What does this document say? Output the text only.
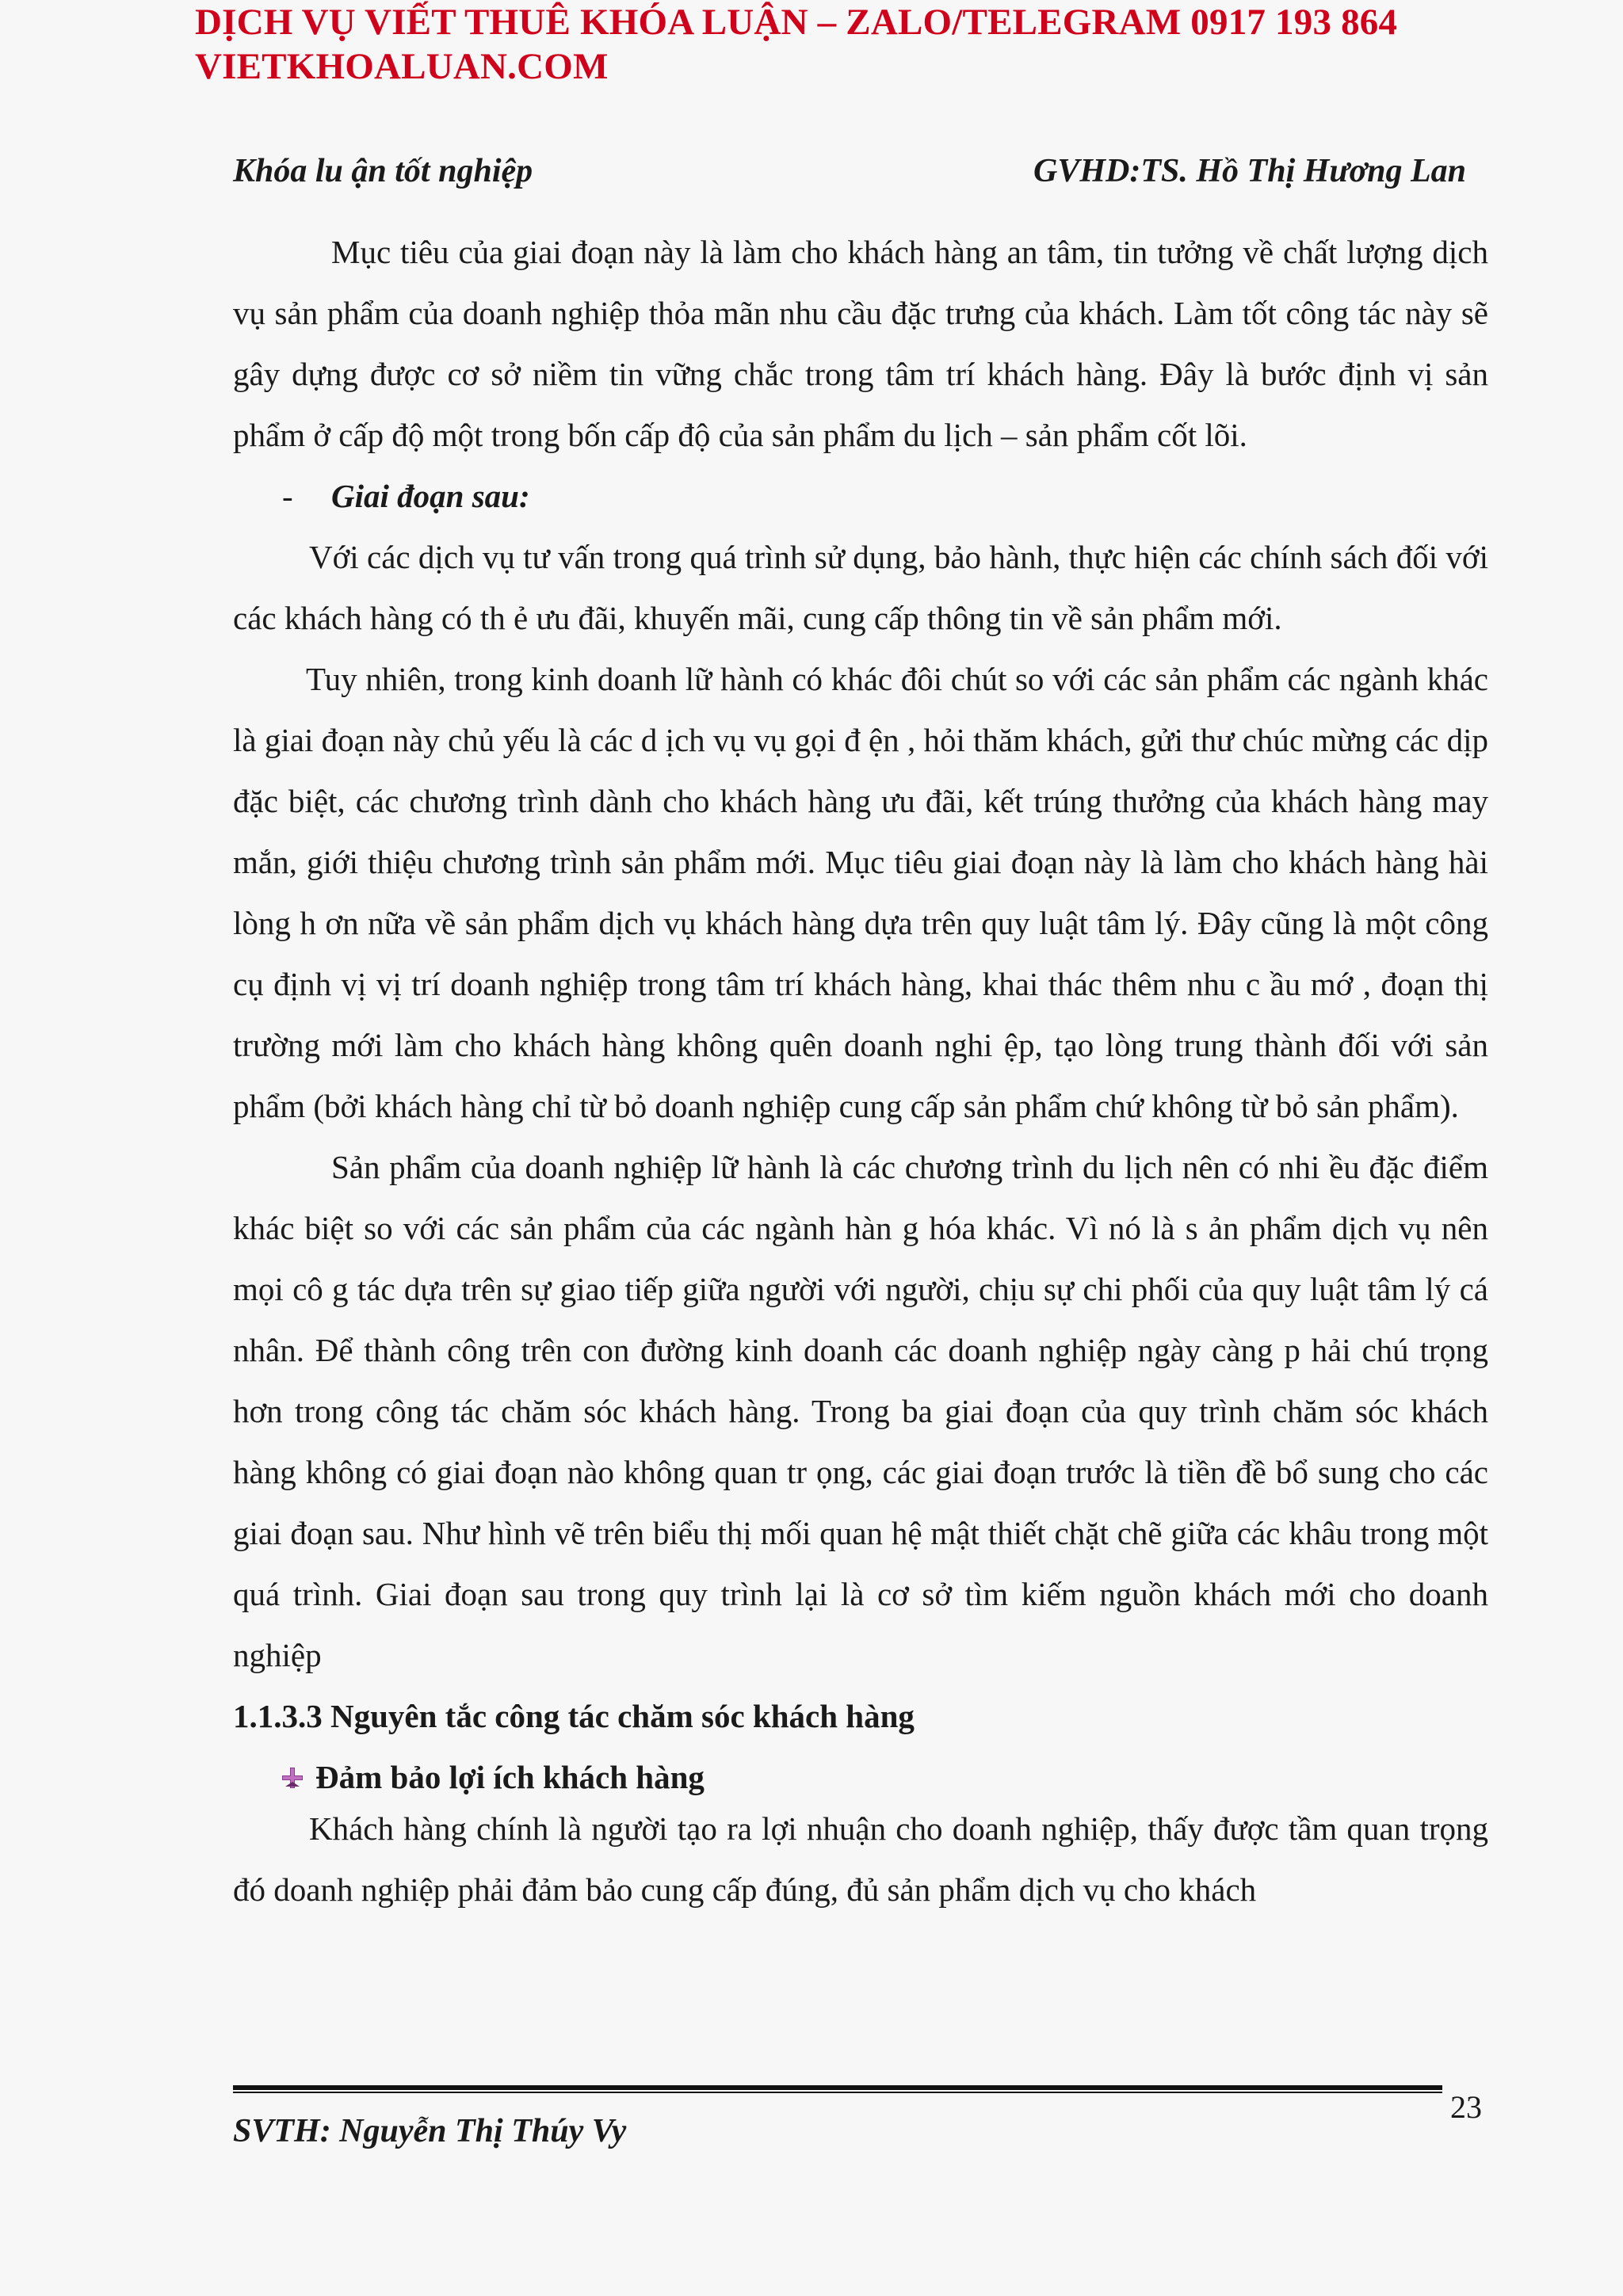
DỊCH VỤ VIẾT THUÊ KHÓA LUẬN – ZALO/TELEGRAM 0917 193 864
VIETKHOALUAN.COM
Khóa lu ận tốt nghiệp	GVHD:TS. Hồ Thị Hương Lan

Mục tiêu của giai đoạn này là làm cho khách hàng an tâm, tin tưởng về chất lượng dịch vụ sản phẩm của doanh nghiệp thỏa mãn nhu cầu đặc trưng của khách. Làm tốt công tác này sẽ gây dựng được cơ sở niềm tin vững chắc trong tâm trí khách hàng. Đây là bước định vị sản phẩm ở cấp độ một trong bốn cấp độ của sản phẩm du lịch – sản phẩm cốt lõi.

- Giai đoạn sau:

Với các dịch vụ tư vấn trong quá trình sử dụng, bảo hành, thực hiện các chính sách đối với các khách hàng có th ẻ ưu đãi, khuyến mãi, cung cấp thông tin về sản phẩm mới.

Tuy nhiên, trong kinh doanh lữ hành có khác đôi chút so với các sản phẩm các ngành khác là giai đoạn này chủ yếu là các d ịch vụ vụ gọi đ ện , hỏi thăm khách, gửi thư chúc mừng các dịp đặc biệt, các chương trình dành cho khách hàng ưu đãi, kết trúng thưởng của khách hàng may mắn, giới thiệu chương trình sản phẩm mới. Mục tiêu giai đoạn này là làm cho khách hàng hài lòng h ơn nữa về sản phẩm dịch vụ khách hàng dựa trên quy luật tâm lý. Đây cũng là một công cụ định vị vị trí doanh nghiệp trong tâm trí khách hàng, khai thác thêm nhu c ầu mớ , đoạn thị trường mới làm cho khách hàng không quên doanh nghi ệp, tạo lòng trung thành đối với sản phẩm (bởi khách hàng chỉ từ bỏ doanh nghiệp cung cấp sản phẩm chứ không từ bỏ sản phẩm).

Sản phẩm của doanh nghiệp lữ hành là các chương trình du lịch nên có nhi ều đặc điểm khác biệt so với các sản phẩm của các ngành hàn g hóa khác. Vì nó là s ản phẩm dịch vụ nên mọi cô g tác dựa trên sự giao tiếp giữa người với người, chịu sự chi phối của quy luật tâm lý cá nhân. Để thành công trên con đường kinh doanh các doanh nghiệp ngày càng p hải chú trọng hơn trong công tác chăm sóc khách hàng. Trong ba giai đoạn của quy trình chăm sóc khách hàng không có giai đoạn nào không quan tr ọng, các giai đoạn trước là tiền đề bổ sung cho các giai đoạn sau. Như hình vẽ trên biểu thị mối quan hệ mật thiết chặt chẽ giữa các khâu trong một quá trình. Giai đoạn sau trong quy trình lại là cơ sở tìm kiếm nguồn khách mới cho doanh nghiệp

1.1.3.3 Nguyên tắc công tác chăm sóc khách hàng

Đảm bảo lợi ích khách hàng

Khách hàng chính là người tạo ra lợi nhuận cho doanh nghiệp, thấy được tầm quan trọng đó doanh nghiệp phải đảm bảo cung cấp đúng, đủ sản phẩm dịch vụ cho khách

23
SVTH: Nguyễn Thị Thúy Vy
